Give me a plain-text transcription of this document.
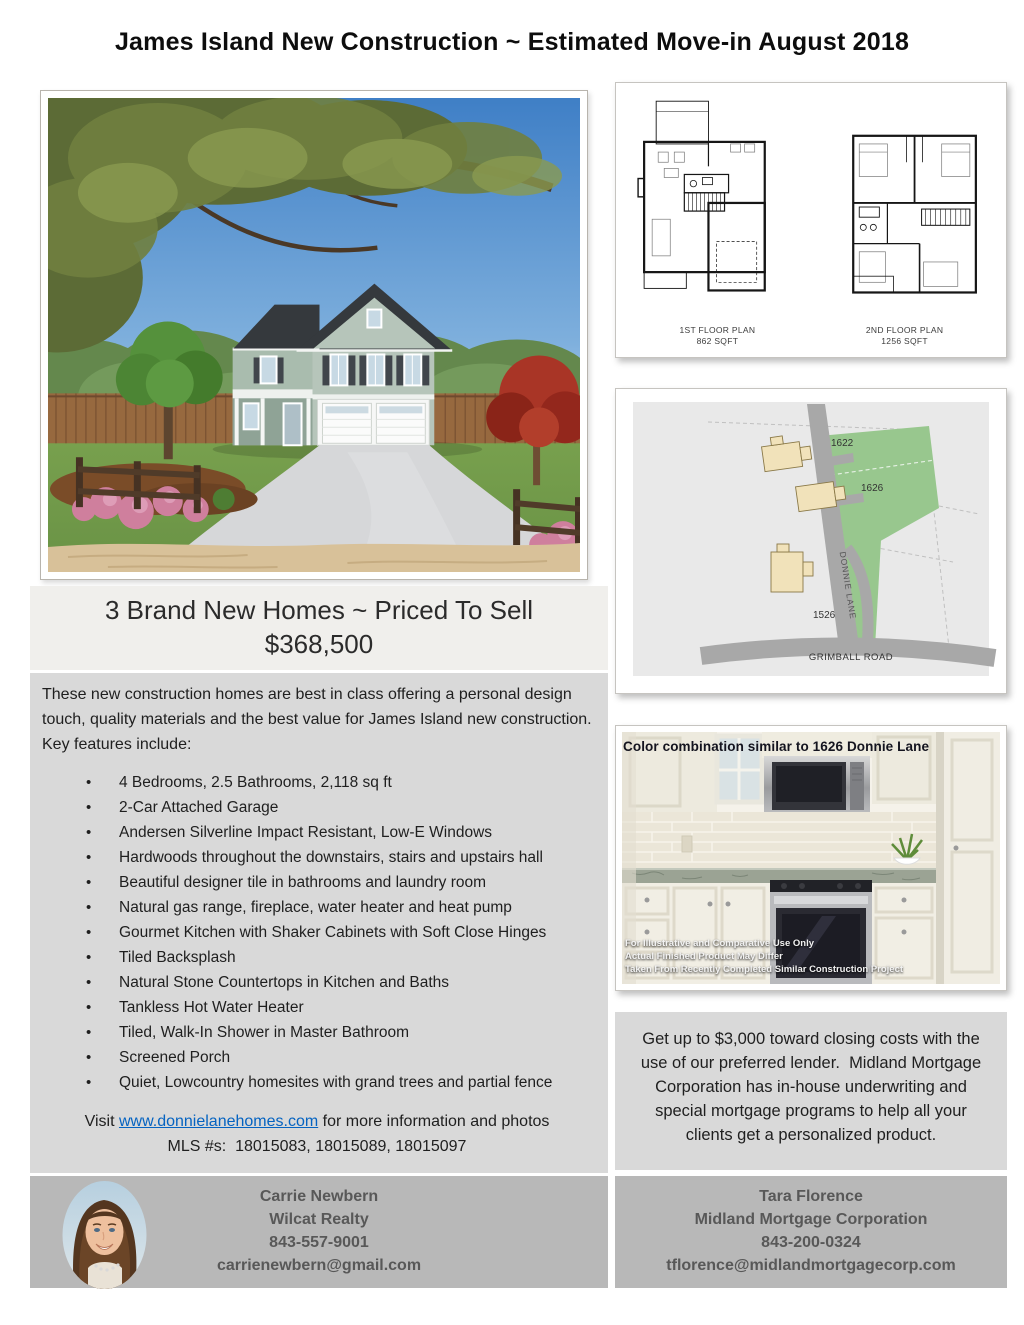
James Island New Construction ~ Estimated Move-in August 2018
3 Brand New Homes ~ Priced To Sell
$368,500

These new construction homes are best in class offering a personal design touch, quality materials and the best value for James Island new construction.  Key features include:

• 4 Bedrooms, 2.5 Bathrooms, 2,118 sq ft
• 2-Car Attached Garage
• Andersen Silverline Impact Resistant, Low-E Windows
• Hardwoods throughout the downstairs, stairs and upstairs hall
• Beautiful designer tile in bathrooms and laundry room
• Natural gas range, fireplace, water heater and heat pump
• Gourmet Kitchen with Shaker Cabinets with Soft Close Hinges
• Tiled Backsplash
• Natural Stone Countertops in Kitchen and Baths
• Tankless Hot Water Heater
• Tiled, Walk-In Shower in Master Bathroom
• Screened Porch
• Quiet, Lowcountry homesites with grand trees and partial fence
Visit www.donnielanehomes.com for more information and photos
MLS #s:  18015083, 18015089, 18015097
Carrie Newbern
Wilcat Realty
843-557-9001
carrienewbern@gmail.com
1ST FLOOR PLAN
862 SQFT
2ND FLOOR PLAN
1256 SQFT
1622
1626
1526 DONNIE LANE
GRIMBALL ROAD
Color combination similar to 1626 Donnie Lane
For Illustrative and Comparative Use Only
Actual Finished Product May Differ
Taken From Recently Completed Similar Construction Project

Get up to $3,000 toward closing costs with the use of our preferred lender.  Midland Mortgage Corporation has in-house underwriting and special mortgage programs to help all your clients get a personalized product.

Tara Florence
Midland Mortgage Corporation
843-200-0324
tflorence@midlandmortgagecorp.com
